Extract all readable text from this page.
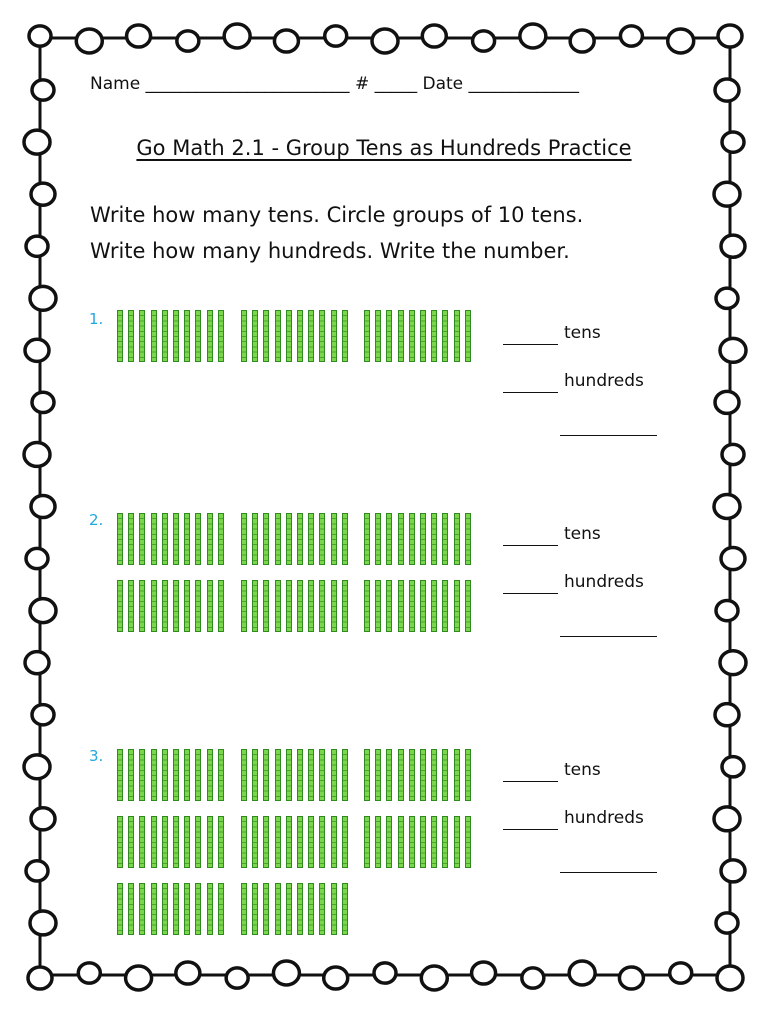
Name ________________________ # _____ Date _____________
Go Math 2.1 - Group Tens as Hundreds Practice
Write how many tens. Circle groups of 10 tens.
Write how many hundreds. Write the number.
1.
tens
hundreds
2.
tens
hundreds
3.
tens
hundreds
